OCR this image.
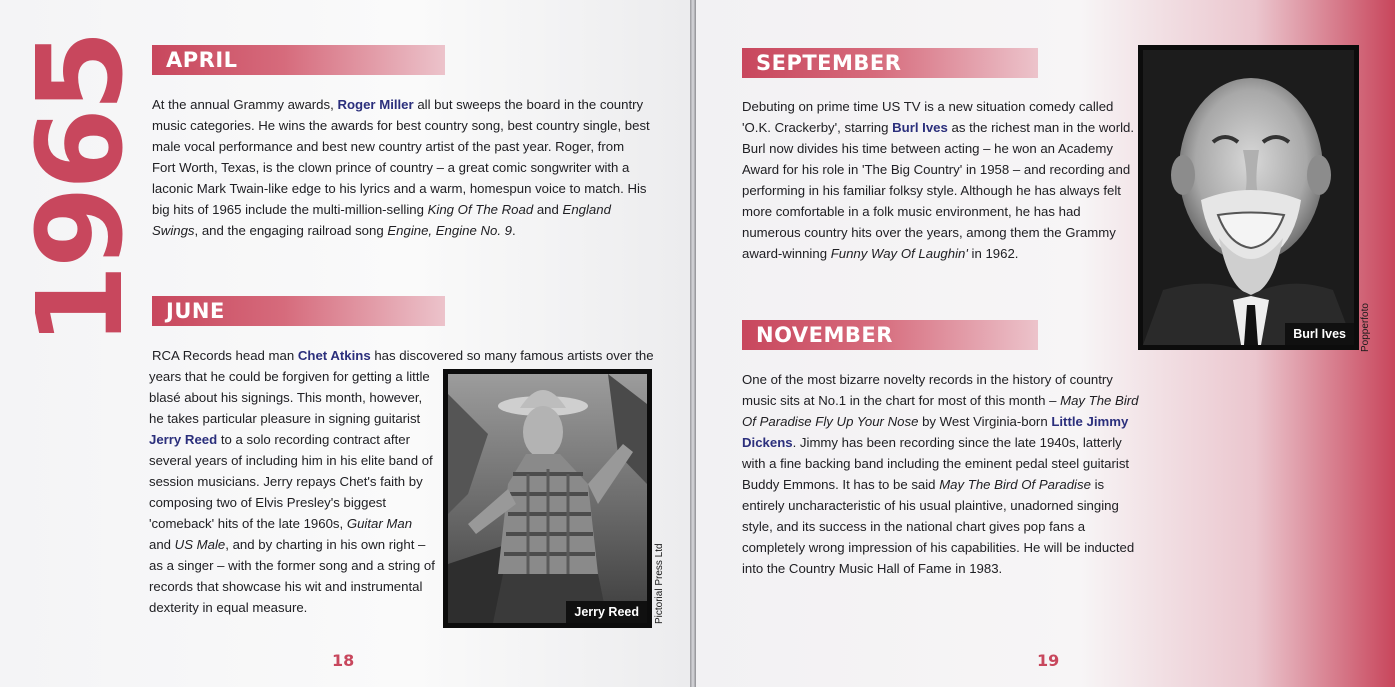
1965 APRIL
At the annual Grammy awards, Roger Miller all but sweeps the board in the country music categories. He wins the awards for best country song, best country single, best male vocal performance and best new country artist of the past year. Roger, from Fort Worth, Texas, is the clown prince of country – a great comic songwriter with a laconic Mark Twain-like edge to his lyrics and a warm, homespun voice to match. His big hits of 1965 include the multi-million-selling King Of The Road and England Swings, and the engaging railroad song Engine, Engine No. 9.
JUNE
RCA Records head man Chet Atkins has discovered so many famous artists over the
years that he could be forgiven for getting a little blasé about his signings. This month, however, he takes particular pleasure in signing guitarist Jerry Reed to a solo recording contract after several years of including him in his elite band of session musicians. Jerry repays Chet's faith by composing two of Elvis Presley's biggest 'comeback' hits of the late 1960s, Guitar Man and US Male, and by charting in his own right – as a singer – with the former song and a string of records that showcase his wit and instrumental dexterity in equal measure.	Jerry Reed	Pictorial Press Ltd
18
SEPTEMBER
Debuting on prime time US TV is a new situation comedy called 'O.K. Crackerby', starring Burl Ives as the richest man in the world. Burl now divides his time between acting – he won an Academy Award for his role in 'The Big Country' in 1958 – and recording and performing in his familiar folksy style. Although he has always felt more comfortable in a folk music environment, he has had numerous country hits over the years, among them the Grammy award-winning Funny Way Of Laughin' in 1962.
NOVEMBER
One of the most bizarre novelty records in the history of country music sits at No.1 in the chart for most of this month – May The Bird Of Paradise Fly Up Your Nose by West Virginia-born Little Jimmy Dickens. Jimmy has been recording since the late 1940s, latterly with a fine backing band including the eminent pedal steel guitarist Buddy Emmons. It has to be said May The Bird Of Paradise is entirely uncharacteristic of his usual plaintive, unadorned singing style, and its success in the national chart gives pop fans a completely wrong impression of his capabilities. He will be inducted into the Country Music Hall of Fame in 1983.
Burl Ives	Popperfoto
19
